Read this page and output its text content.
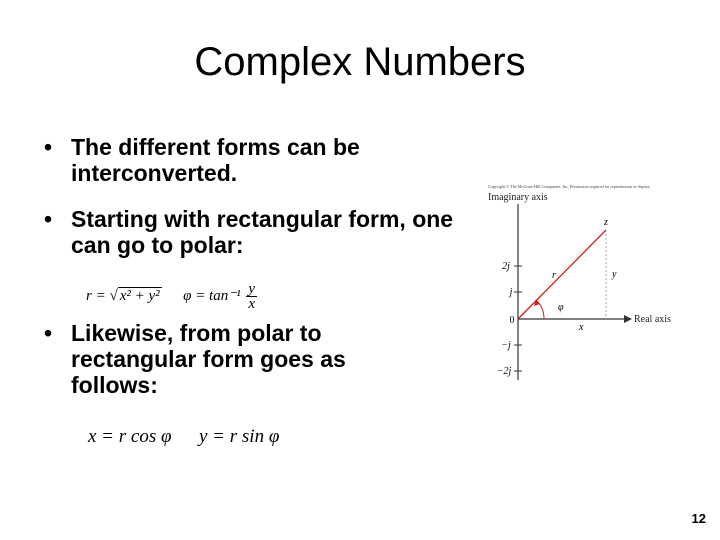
Complex Numbers
• The different forms can be interconverted.
• Starting with rectangular form, one can go to polar:
• Likewise, from polar to rectangular form goes as follows:
r = √ x² + y² $\varphi = \tan^{-1} \frac{y}{x}$
x = r cos φ y = r sin φ
Copyright © The McGraw-Hill Companies, Inc. Permission required for reproduction or display.
Imaginary axis
Real axis
2j
j
0
−j
−2j
z
r	y
x
φ
12
